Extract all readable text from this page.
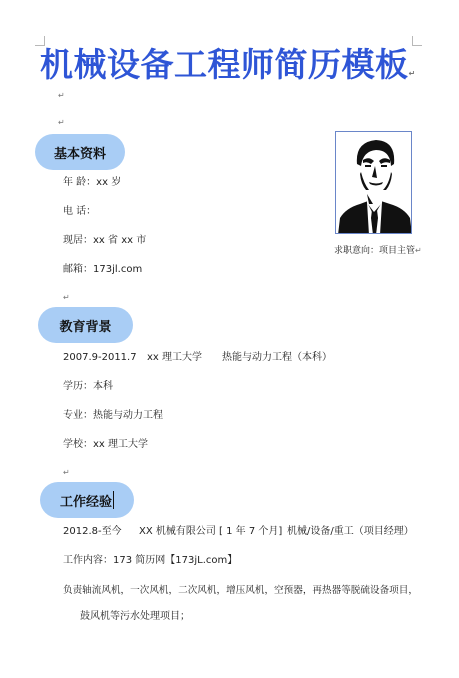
机械设备工程师简历模板↵
↵
↵
基本资料
年 龄：xx 岁
电 话：
现居：xx 省 xx 市
邮箱：173jl.com
求职意向：项目主管↵
↵
教育背景
2007.9-2011.7 xx 理工大学 热能与动力工程（本科）
学历：本科
专业：热能与动力工程
学校：xx 理工大学
↵
工作经验
2012.8-至今 XX 机械有限公司 [ 1 年 7 个月] 机械/设备/重工（项目经理）
工作内容：173 简历网【173jL.com】
负责轴流风机，一次风机，二次风机，增压风机，空预器，再热器等脱硫设备项目，
鼓风机等污水处理项目；
